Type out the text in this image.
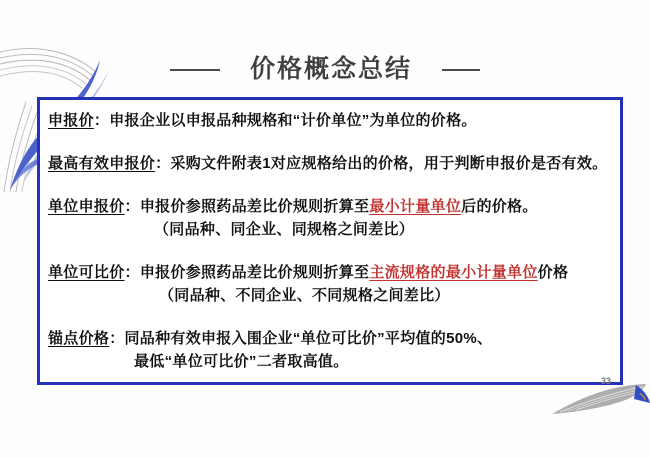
价格概念总结

申报价：申报企业以申报品种规格和“计价单位”为单位的价格。

最高有效申报价：采购文件附表1对应规格给出的价格，用于判断申报价是否有效。

单位申报价：申报价参照药品差比价规则折算至最小计量单位后的价格。
（同品种、同企业、同规格之间差比）

单位可比价：申报价参照药品差比价规则折算至主流规格的最小计量单位价格
（同品种、不同企业、不同规格之间差比）

锚点价格：同品种有效申报入围企业“单位可比价”平均值的50%、
最低“单位可比价”二者取高值。

33
